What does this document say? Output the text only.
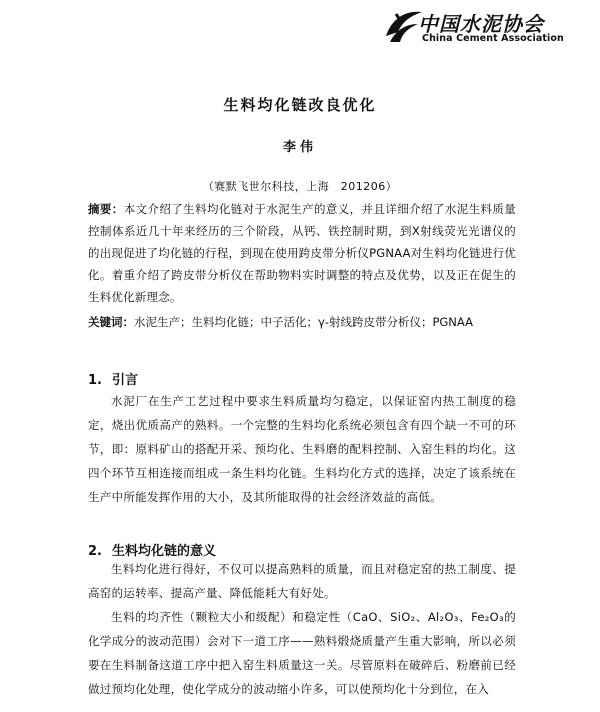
中国水泥协会
China Cement Association
生料均化链改良优化
李伟
（赛默飞世尔科技，上海　201206）
摘要：本文介绍了生料均化链对于水泥生产的意义，并且详细介绍了水泥生料质量控制体系近几十年来经历的三个阶段，从钙、铁控制时期，到X射线荧光光谱仪的的出现促进了均化链的行程，到现在使用跨皮带分析仪PGNAA对生料均化链进行优化。着重介绍了跨皮带分析仪在帮助物料实时调整的特点及优势，以及正在促生的生料优化新理念。
关键词：水泥生产；生料均化链；中子活化；γ-射线跨皮带分析仪；PGNAA
1. 引言

水泥厂在生产工艺过程中要求生料质量均匀稳定，以保证窑内热工制度的稳定，烧出优质高产的熟料。一个完整的生料均化系统必须包含有四个缺一不可的环节，即：原料矿山的搭配开采、预均化、生料磨的配料控制、入窑生料的均化。这四个环节互相连接而组成一条生料均化链。生料均化方式的选择，决定了该系统在生产中所能发挥作用的大小，及其所能取得的社会经济效益的高低。

2. 生料均化链的意义

生料均化进行得好，不仅可以提高熟料的质量，而且对稳定窑的热工制度、提高窑的运转率、提高产量、降低能耗大有好处。

生料的均齐性（颗粒大小和级配）和稳定性（CaO、SiO₂、Al₂O₃、Fe₂O₃的化学成分的波动范围）会对下一道工序——熟料煅烧质量产生重大影响，所以必须要在生料制备这道工序中把入窑生料质量这一关。尽管原料在破碎后、粉磨前已经做过预均化处理，使化学成分的波动缩小许多，可以使预均化十分到位，在入
